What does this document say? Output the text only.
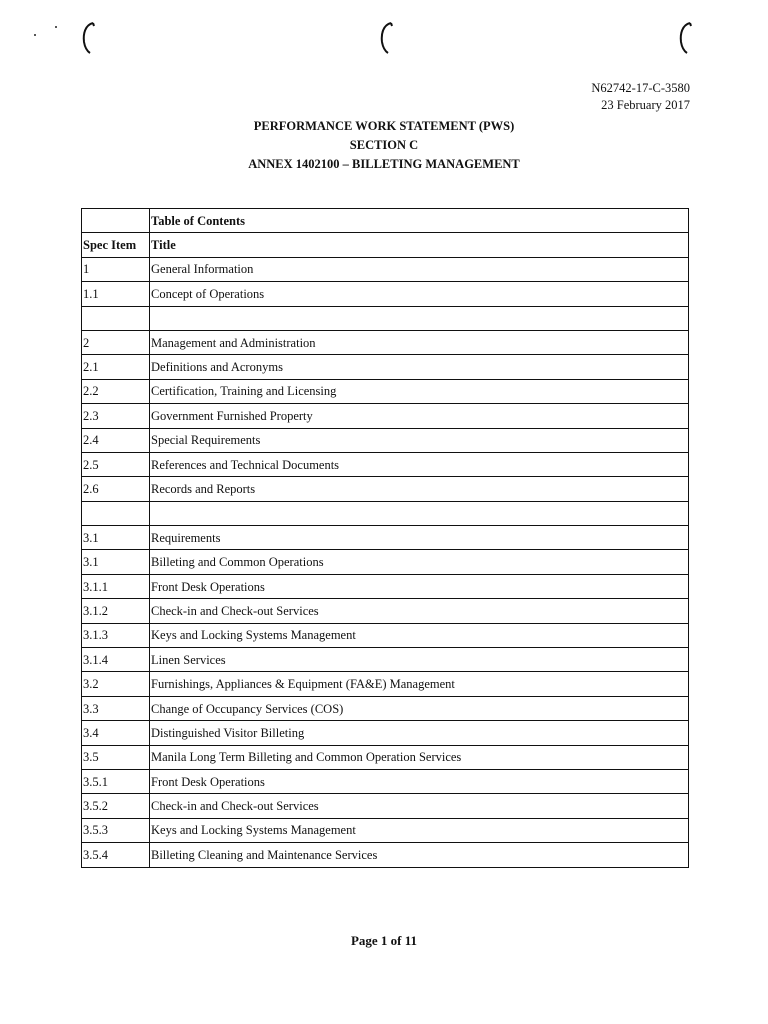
N62742-17-C-3580
23 February 2017
PERFORMANCE WORK STATEMENT (PWS)
SECTION C
ANNEX 1402100 – BILLETING MANAGEMENT
	Table of Contents
Spec Item	Title
1	General Information
1.1	Concept of Operations

2	Management and Administration
2.1	Definitions and Acronyms
2.2	Certification, Training and Licensing
2.3	Government Furnished Property
2.4	Special Requirements
2.5	References and Technical Documents
2.6	Records and Reports

3.1	Requirements
3.1	Billeting and Common Operations
3.1.1	Front Desk Operations
3.1.2	Check-in and Check-out Services
3.1.3	Keys and Locking Systems Management
3.1.4	Linen Services
3.2	Furnishings, Appliances & Equipment (FA&E) Management
3.3	Change of Occupancy Services (COS)
3.4	Distinguished Visitor Billeting
3.5	Manila Long Term Billeting and Common Operation Services
3.5.1	Front Desk Operations
3.5.2	Check-in and Check-out Services
3.5.3	Keys and Locking Systems Management
3.5.4	Billeting Cleaning and Maintenance Services
Page 1 of 11
